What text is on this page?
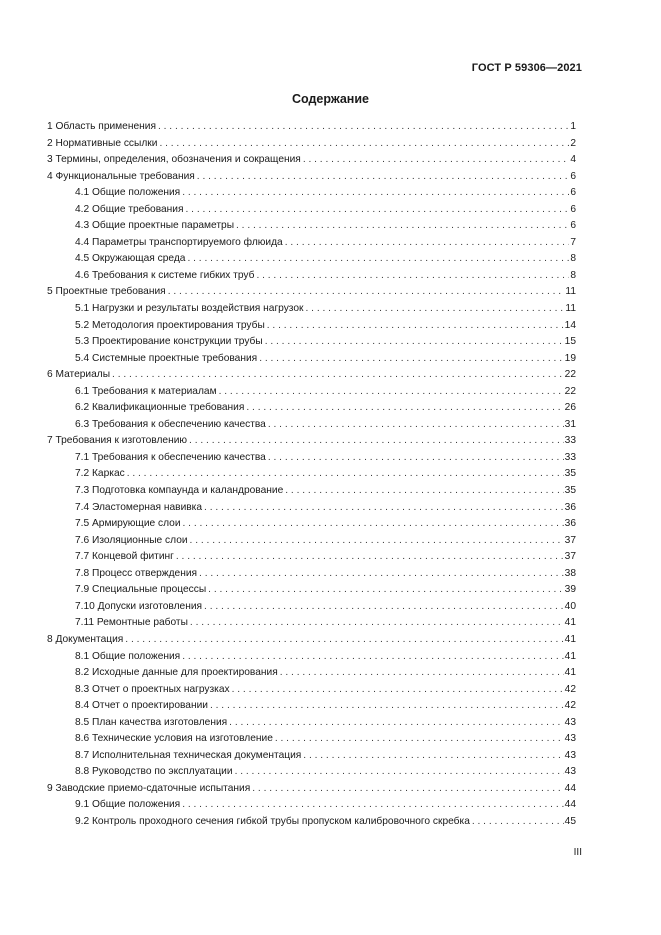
ГОСТ Р 59306—2021
Содержание
1 Область применения . . .	1
2 Нормативные ссылки . . .	2
3 Термины, определения, обозначения и сокращения . . .	4
4 Функциональные требования . . .	6
4.1 Общие положения . . .	6
4.2 Общие требования . . .	6
4.3 Общие проектные параметры . . .	6
4.4 Параметры транспортируемого флюида . . .	7
4.5 Окружающая среда . . .	8
4.6 Требования к системе гибких труб . . .	8
5 Проектные требования . . .	11
5.1 Нагрузки и результаты воздействия нагрузок . . .	11
5.2 Методология проектирования трубы . . .	14
5.3 Проектирование конструкции трубы . . .	15
5.4 Системные проектные требования . . .	19
6 Материалы . . .	22
6.1 Требования к материалам . . .	22
6.2 Квалификационные требования . . .	26
6.3 Требования к обеспечению качества . . .	31
7 Требования к изготовлению . . .	33
7.1 Требования к обеспечению качества . . .	33
7.2 Каркас . . .	35
7.3 Подготовка компаунда и каландрование . . .	35
7.4 Эластомерная навивка . . .	36
7.5 Армирующие слои . . .	36
7.6 Изоляционные слои . . .	37
7.7 Концевой фитинг . . .	37
7.8 Процесс отверждения . . .	38
7.9 Специальные процессы . . .	39
7.10 Допуски изготовления . . .	40
7.11 Ремонтные работы . . .	41
8 Документация . . .	41
8.1 Общие положения . . .	41
8.2 Исходные данные для проектирования . . .	41
8.3 Отчет о проектных нагрузках . . .	42
8.4 Отчет о проектировании . . .	42
8.5 План качества изготовления . . .	43
8.6 Технические условия на изготовление . . .	43
8.7 Исполнительная техническая документация . . .	43
8.8 Руководство по эксплуатации . . .	43
9 Заводские приемо-сдаточные испытания . . .	44
9.1 Общие положения . . .	44
9.2 Контроль проходного сечения гибкой трубы пропуском калибровочного скребка . . .	45
III
